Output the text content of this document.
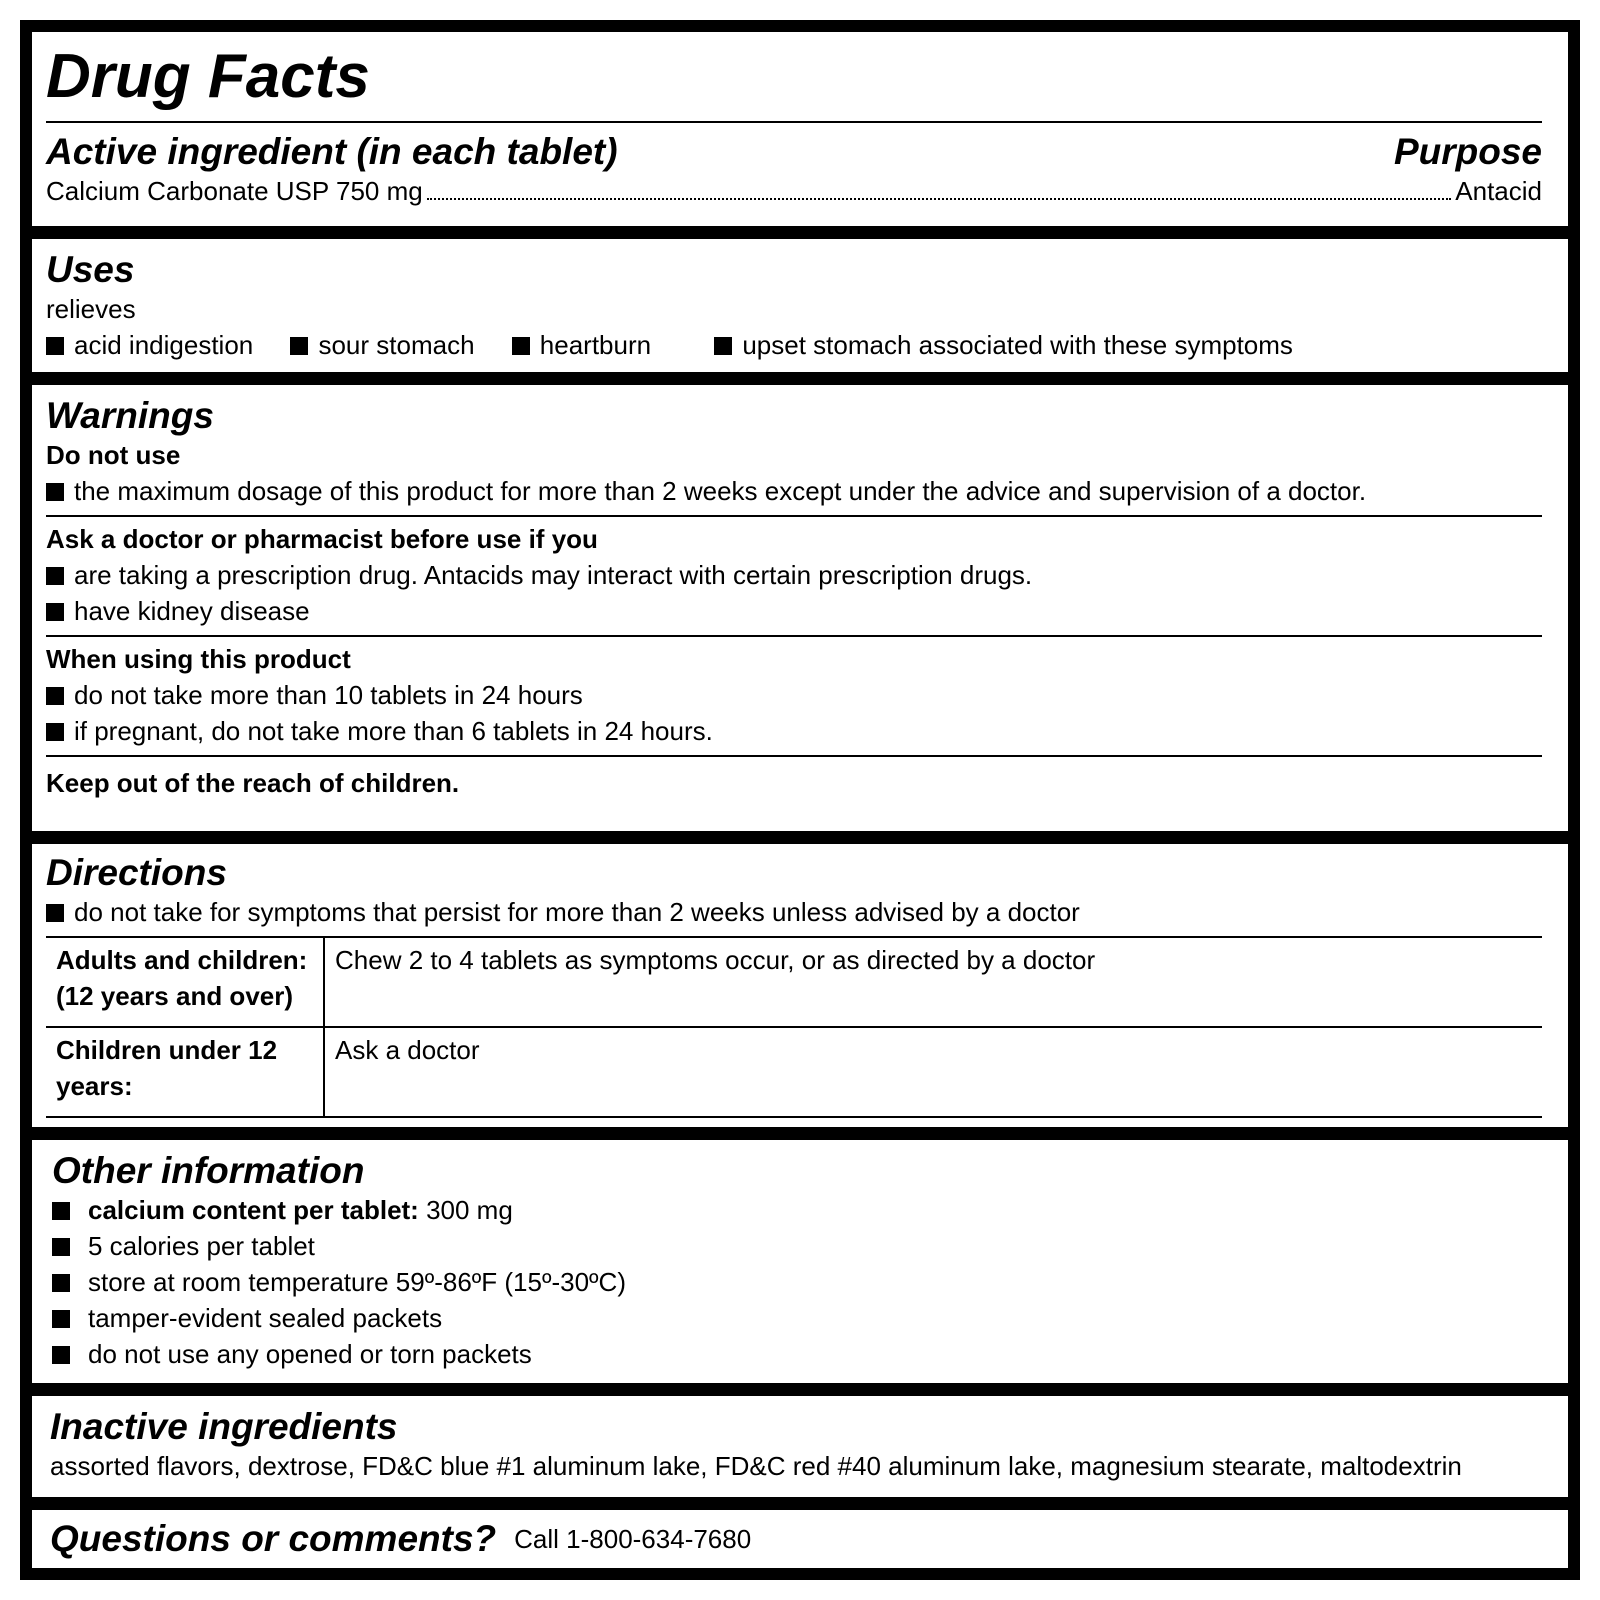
Drug Facts
Active ingredient (in each tablet)	Purpose
Calcium Carbonate USP 750 mg	Antacid
Uses
relieves
acid indigestion	sour stomach	heartburn	upset stomach associated with these symptoms
Warnings
Do not use
the maximum dosage of this product for more than 2 weeks except under the advice and supervision of a doctor.
Ask a doctor or pharmacist before use if you
are taking a prescription drug. Antacids may interact with certain prescription drugs.
have kidney disease
When using this product
do not take more than 10 tablets in 24 hours
if pregnant, do not take more than 6 tablets in 24 hours.
Keep out of the reach of children.
Directions
do not take for symptoms that persist for more than 2 weeks unless advised by a doctor
Adults and children: (12 years and over)	Chew 2 to 4 tablets as symptoms occur, or as directed by a doctor
Children under 12 years:	Ask a doctor
Other information
calcium content per tablet: 300 mg
5 calories per tablet
store at room temperature 59º-86ºF (15º-30ºC)
tamper-evident sealed packets
do not use any opened or torn packets
Inactive ingredients
assorted flavors, dextrose, FD&C blue #1 aluminum lake, FD&C red #40 aluminum lake, magnesium stearate, maltodextrin
Questions or comments? Call 1-800-634-7680
